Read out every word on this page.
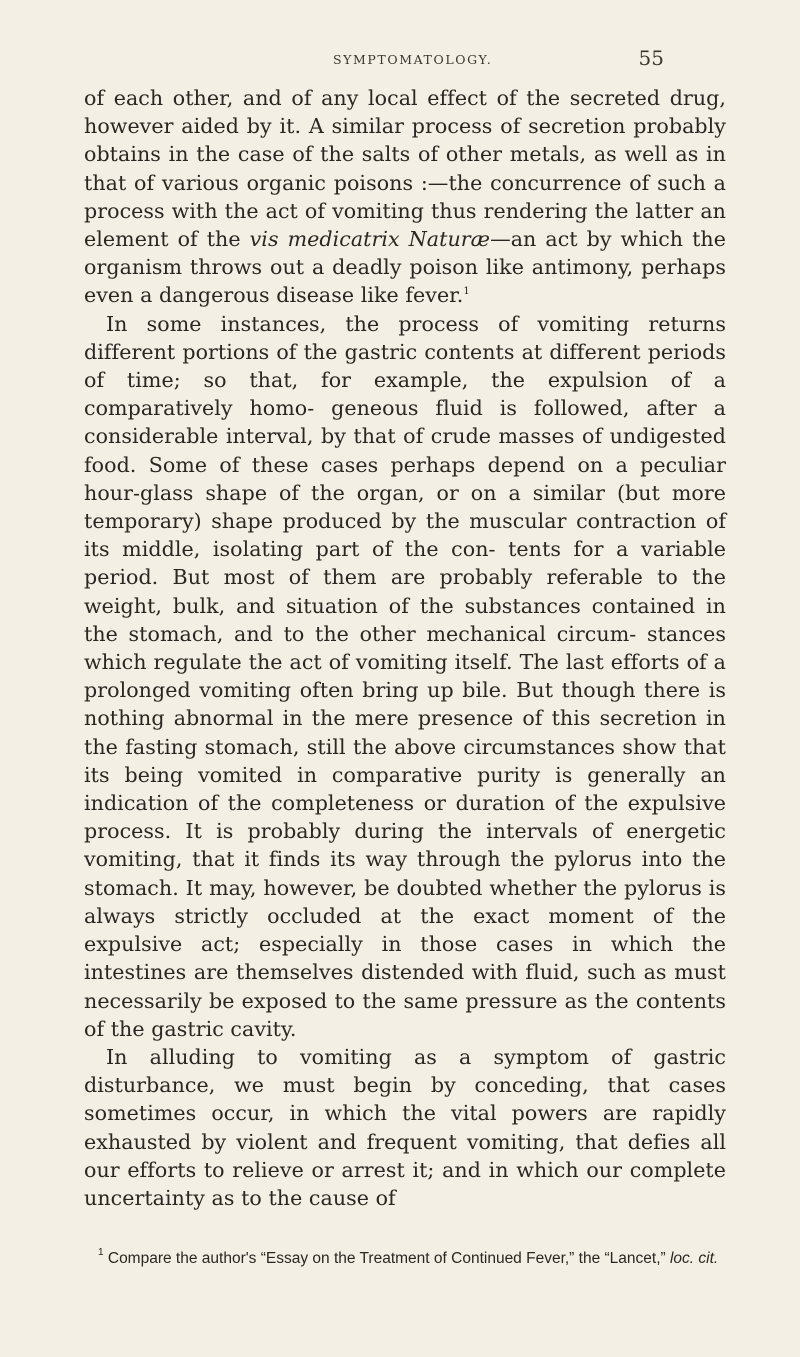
SYMPTOMATOLOGY.	55

of each other, and of any local effect of the secreted drug, however aided by it. A similar process of secretion probably obtains in the case of the salts of other metals, as well as in that of various organic poisons :—the concurrence of such a process with the act of vomiting thus rendering the latter an element of the vis medicatrix Naturæ—an act by which the organism throws out a deadly poison like antimony, perhaps even a dangerous disease like fever.$^1$

In some instances, the process of vomiting returns different portions of the gastric contents at different periods of time; so that, for example, the expulsion of a comparatively homo- geneous fluid is followed, after a considerable interval, by that of crude masses of undigested food. Some of these cases perhaps depend on a peculiar hour-glass shape of the organ, or on a similar (but more temporary) shape produced by the muscular contraction of its middle, isolating part of the con- tents for a variable period. But most of them are probably referable to the weight, bulk, and situation of the substances contained in the stomach, and to the other mechanical circum- stances which regulate the act of vomiting itself. The last efforts of a prolonged vomiting often bring up bile. But though there is nothing abnormal in the mere presence of this secretion in the fasting stomach, still the above circumstances show that its being vomited in comparative purity is generally an indication of the completeness or duration of the expulsive process. It is probably during the intervals of energetic vomiting, that it finds its way through the pylorus into the stomach. It may, however, be doubted whether the pylorus is always strictly occluded at the exact moment of the expulsive act; especially in those cases in which the intestines are themselves distended with fluid, such as must necessarily be exposed to the same pressure as the contents of the gastric cavity.

In alluding to vomiting as a symptom of gastric disturbance, we must begin by conceding, that cases sometimes occur, in which the vital powers are rapidly exhausted by violent and frequent vomiting, that defies all our efforts to relieve or arrest it; and in which our complete uncertainty as to the cause of

$^1$ Compare the author's “Essay on the Treatment of Continued Fever,” the “Lancet,” loc. cit.
